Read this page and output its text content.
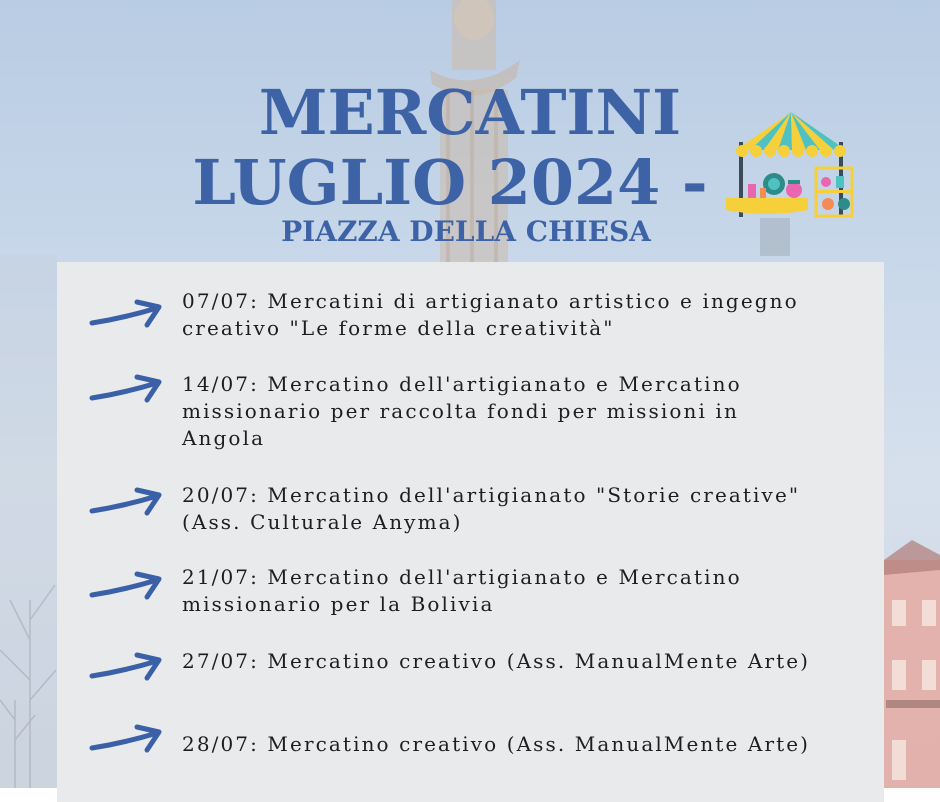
MERCATINI
LUGLIO 2024 -
PIAZZA DELLA CHIESA

07/07: Mercatini di artigianato artistico e ingegno creativo "Le forme della creatività"

14/07: Mercatino dell'artigianato e Mercatino missionario per raccolta fondi per missioni in Angola

20/07: Mercatino dell'artigianato "Storie creative" (Ass. Culturale Anyma)

21/07: Mercatino dell'artigianato e Mercatino missionario per la Bolivia

27/07: Mercatino creativo (Ass. ManualMente Arte)

28/07: Mercatino creativo (Ass. ManualMente Arte)
